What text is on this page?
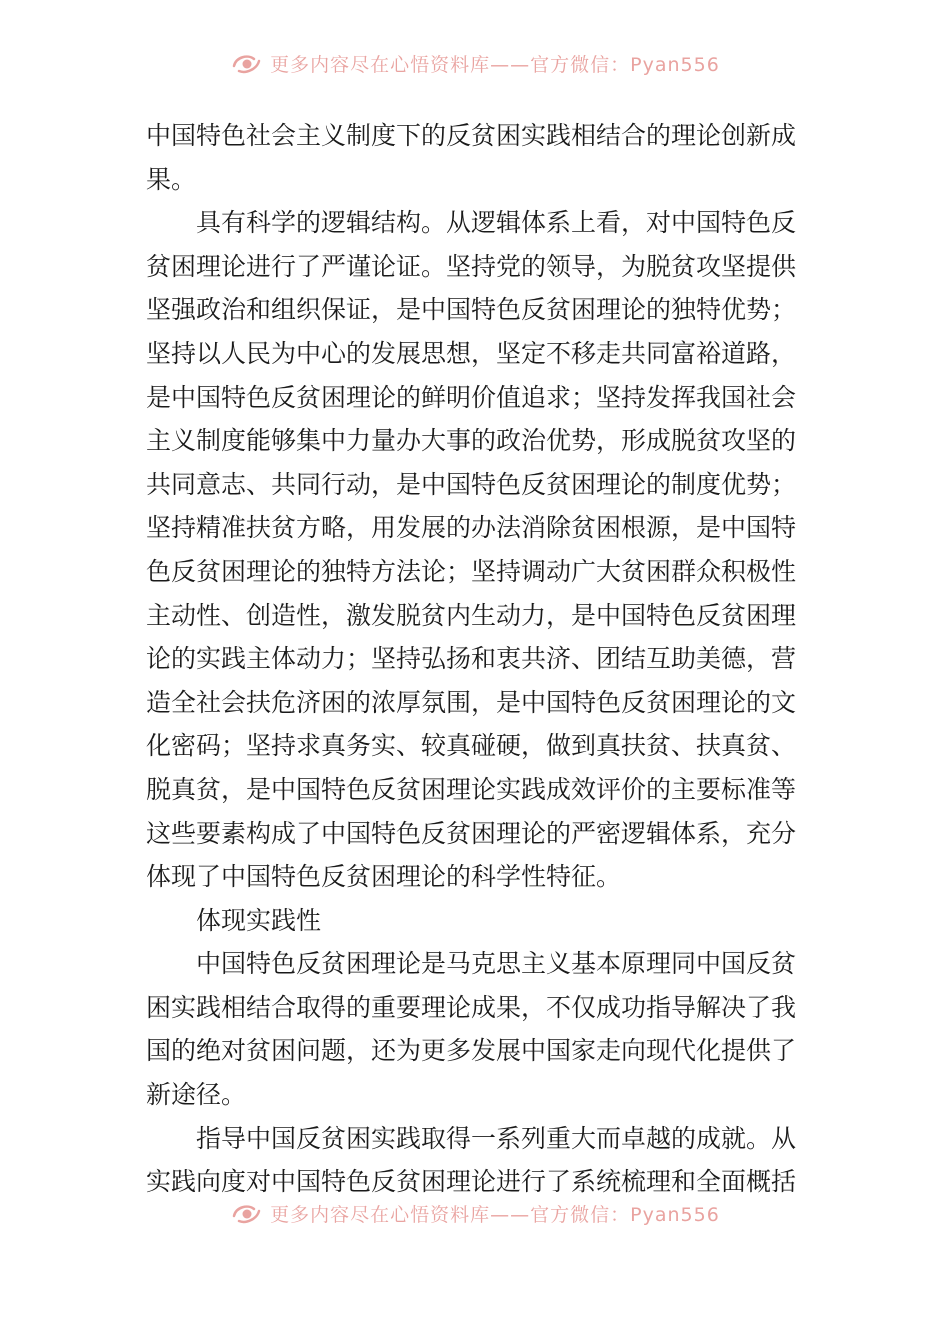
更多内容尽在心悟资料库——官方微信：Pyan556

中国特色社会主义制度下的反贫困实践相结合的理论创新成

果。

具有科学的逻辑结构。从逻辑体系上看，对中国特色反

贫困理论进行了严谨论证。坚持党的领导，为脱贫攻坚提供

坚强政治和组织保证，是中国特色反贫困理论的独特优势；

坚持以人民为中心的发展思想，坚定不移走共同富裕道路，

是中国特色反贫困理论的鲜明价值追求；坚持发挥我国社会

主义制度能够集中力量办大事的政治优势，形成脱贫攻坚的

共同意志、共同行动，是中国特色反贫困理论的制度优势；

坚持精准扶贫方略，用发展的办法消除贫困根源，是中国特

色反贫困理论的独特方法论；坚持调动广大贫困群众积极性

主动性、创造性，激发脱贫内生动力，是中国特色反贫困理

论的实践主体动力；坚持弘扬和衷共济、团结互助美德，营

造全社会扶危济困的浓厚氛围，是中国特色反贫困理论的文

化密码；坚持求真务实、较真碰硬，做到真扶贫、扶真贫、

脱真贫，是中国特色反贫困理论实践成效评价的主要标准等

这些要素构成了中国特色反贫困理论的严密逻辑体系，充分

体现了中国特色反贫困理论的科学性特征。

体现实践性

中国特色反贫困理论是马克思主义基本原理同中国反贫

困实践相结合取得的重要理论成果，不仅成功指导解决了我

国的绝对贫困问题，还为更多发展中国家走向现代化提供了

新途径。

指导中国反贫困实践取得一系列重大而卓越的成就。从

实践向度对中国特色反贫困理论进行了系统梳理和全面概括

更多内容尽在心悟资料库——官方微信：Pyan556
